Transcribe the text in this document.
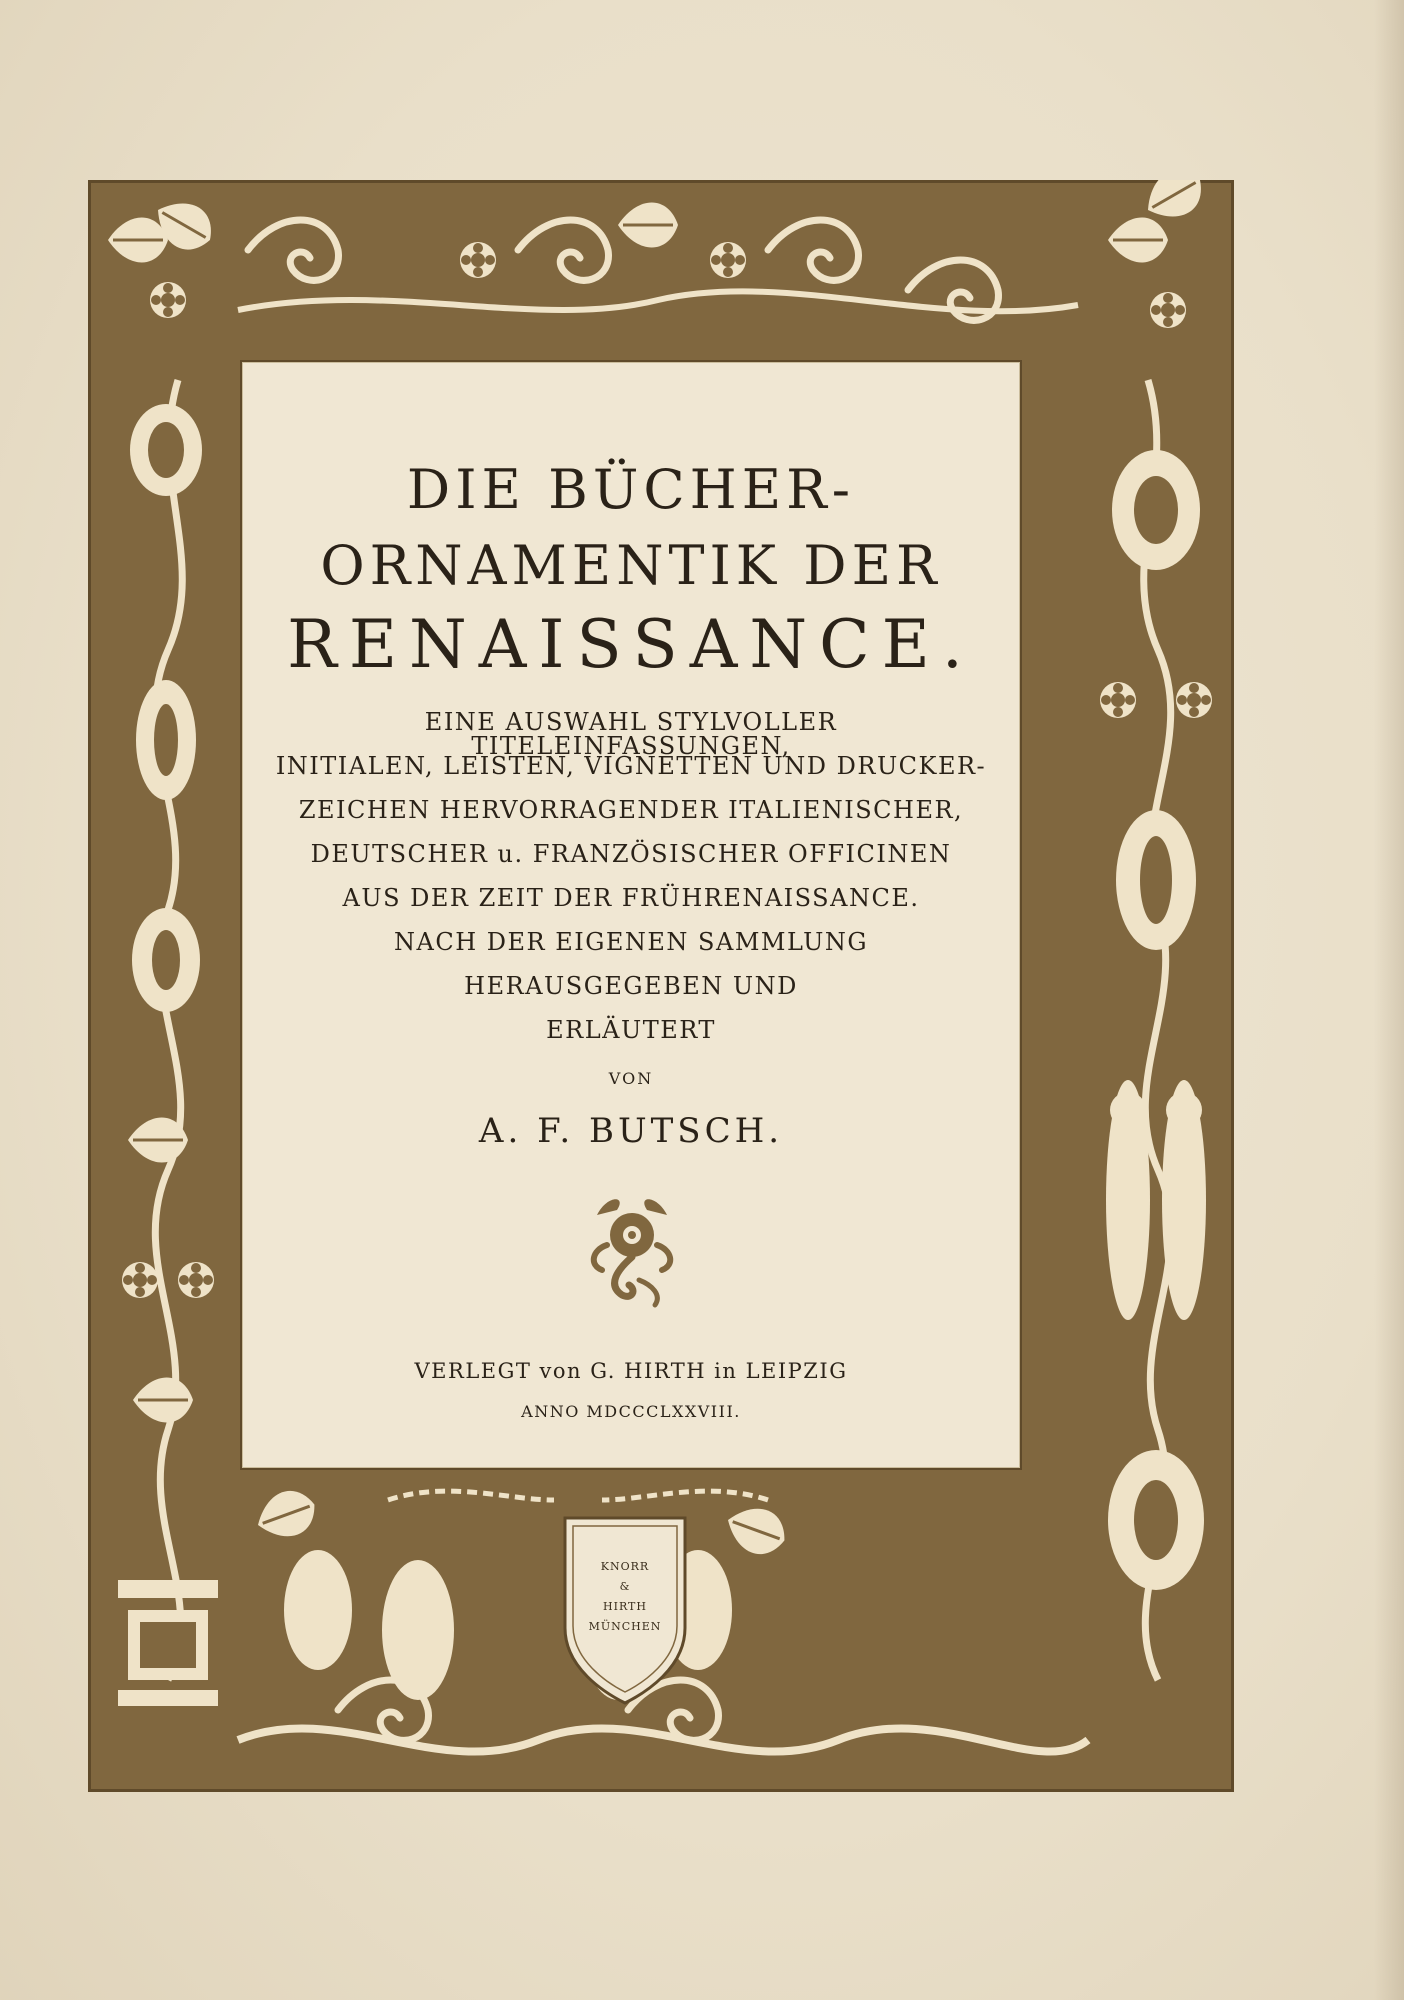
KNORR
&
HIRTH
MÜNCHEN
DIE BÜCHER-
ORNAMENTIK DER
RENAISSANCE.
EINE AUSWAHL STYLVOLLER TITELEINFASSUNGEN,
INITIALEN, LEISTEN, VIGNETTEN UND DRUCKER-
ZEICHEN HERVORRAGENDER ITALIENISCHER,
DEUTSCHER u. FRANZÖSISCHER OFFICINEN
AUS DER ZEIT DER FRÜHRENAISSANCE.
NACH DER EIGENEN SAMMLUNG
HERAUSGEGEBEN UND
ERLÄUTERT
VON
A. F. BUTSCH.
VERLEGT von G. HIRTH in LEIPZIG
ANNO MDCCCLXXVIII.
